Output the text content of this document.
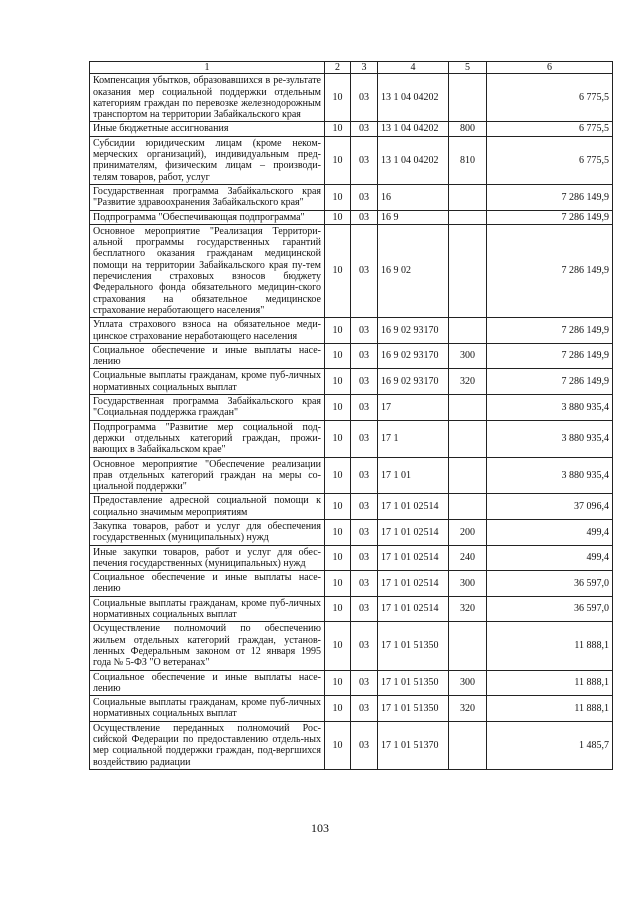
1	2	3	4	5	6
Компенсация убытков, образовавшихся в ре-зультате оказания мер социальной поддержки отдельным категориям граждан по перевозке железнодорожным транспортом на территории Забайкальского края	10	03	13 1 04 04202		6 775,5
Иные бюджетные ассигнования	10	03	13 1 04 04202	800	6 775,5
Субсидии юридическим лицам (кроме неком-мерческих организаций), индивидуальным пред-принимателям, физическим лицам – производи-телям товаров, работ, услуг	10	03	13 1 04 04202	810	6 775,5
Государственная программа Забайкальского края "Развитие здравоохранения Забайкальского края"	10	03	16		7 286 149,9
Подпрограмма "Обеспечивающая подпрограмма"	10	03	16 9		7 286 149,9
Основное мероприятие "Реализация Территори-альной программы государственных гарантий бесплатного оказания гражданам медицинской помощи на территории Забайкальского края пу-тем перечисления страховых взносов бюджету Федерального фонда обязательного медицин-ского страхования на обязательное медицинское страхование неработающего населения"	10	03	16 9 02		7 286 149,9
Уплата страхового взноса на обязательное меди-цинское страхование неработающего населения	10	03	16 9 02 93170		7 286 149,9
Социальное обеспечение и иные выплаты насе-лению	10	03	16 9 02 93170	300	7 286 149,9
Социальные выплаты гражданам, кроме пуб-личных нормативных социальных выплат	10	03	16 9 02 93170	320	7 286 149,9
Государственная программа Забайкальского края "Социальная поддержка граждан"	10	03	17		3 880 935,4
Подпрограмма "Развитие мер социальной под-держки отдельных категорий граждан, прожи-вающих в Забайкальском крае"	10	03	17 1		3 880 935,4
Основное мероприятие "Обеспечение реализации прав отдельных категорий граждан на меры со-циальной поддержки"	10	03	17 1 01		3 880 935,4
Предоставление адресной социальной помощи к социально значимым мероприятиям	10	03	17 1 01 02514		37 096,4
Закупка товаров, работ и услуг для обеспечения государственных (муниципальных) нужд	10	03	17 1 01 02514	200	499,4
Иные закупки товаров, работ и услуг для обес-печения государственных (муниципальных) нужд	10	03	17 1 01 02514	240	499,4
Социальное обеспечение и иные выплаты насе-лению	10	03	17 1 01 02514	300	36 597,0
Социальные выплаты гражданам, кроме пуб-личных нормативных социальных выплат	10	03	17 1 01 02514	320	36 597,0
Осуществление полномочий по обеспечению жильем отдельных категорий граждан, установ-ленных Федеральным законом от 12 января 1995 года № 5-ФЗ "О ветеранах"	10	03	17 1 01 51350		11 888,1
Социальное обеспечение и иные выплаты насе-лению	10	03	17 1 01 51350	300	11 888,1
Социальные выплаты гражданам, кроме пуб-личных нормативных социальных выплат	10	03	17 1 01 51350	320	11 888,1
Осуществление переданных полномочий Рос-сийской Федерации по предоставлению отдель-ных мер социальной поддержки граждан, под-вергшихся воздействию радиации	10	03	17 1 01 51370		1 485,7
103
